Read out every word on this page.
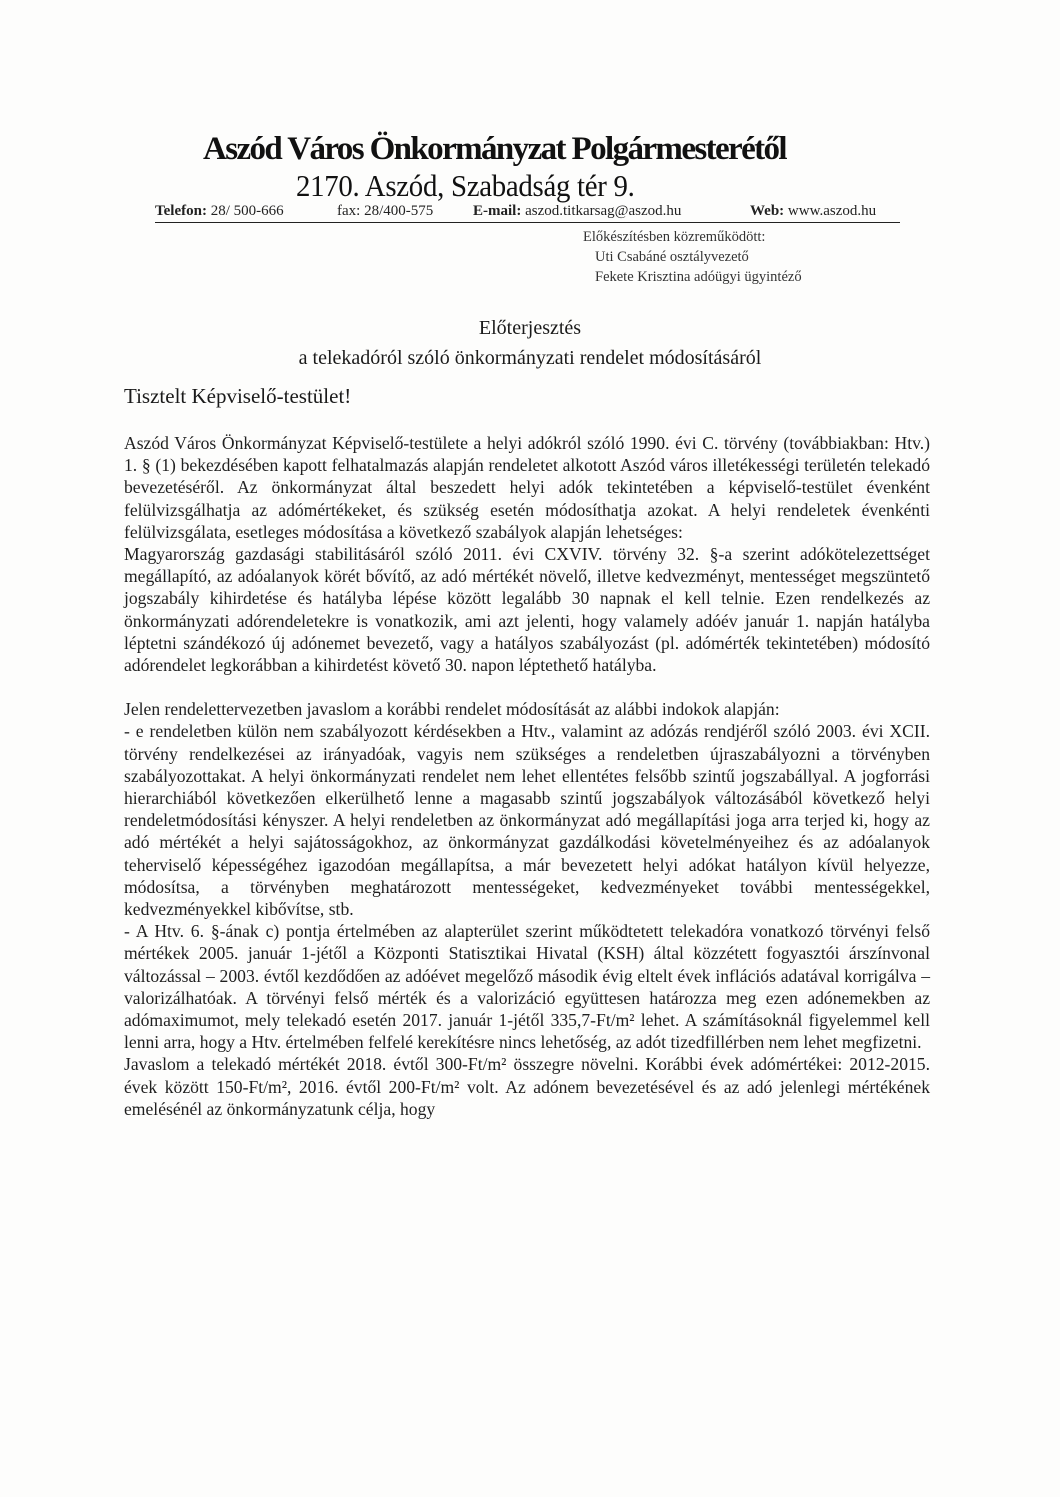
Aszód Város Önkormányzat Polgármesterétől
2170. Aszód, Szabadság tér 9.
Telefon: 28/ 500-666	fax: 28/400-575	E-mail: aszod.titkarsag@aszod.hu	Web: www.aszod.hu
Előkészítésben közreműködött:
Uti Csabáné osztályvezető
Fekete Krisztina adóügyi ügyintéző
Előterjesztés
a telekadóról szóló önkormányzati rendelet módosításáról
Tisztelt Képviselő-testület!

Aszód Város Önkormányzat Képviselő-testülete a helyi adókról szóló 1990. évi C. törvény (továbbiakban: Htv.) 1. § (1) bekezdésében kapott felhatalmazás alapján rendeletet alkotott Aszód város illetékességi területén telekadó bevezetéséről. Az önkormányzat által beszedett helyi adók tekintetében a képviselő-testület évenként felülvizsgálhatja az adómértékeket, és szükség esetén módosíthatja azokat. A helyi rendeletek évenkénti felülvizsgálata, esetleges módosítása a következő szabályok alapján lehetséges:

Magyarország gazdasági stabilitásáról szóló 2011. évi CXVIV. törvény 32. §-a szerint adókötelezettséget megállapító, az adóalanyok körét bővítő, az adó mértékét növelő, illetve kedvezményt, mentességet megszüntető jogszabály kihirdetése és hatályba lépése között legalább 30 napnak el kell telnie. Ezen rendelkezés az önkormányzati adórendeletekre is vonatkozik, ami azt jelenti, hogy valamely adóév január 1. napján hatályba léptetni szándékozó új adónemet bevezető, vagy a hatályos szabályozást (pl. adómérték tekintetében) módosító adórendelet legkorábban a kihirdetést követő 30. napon léptethető hatályba.

Jelen rendelettervezetben javaslom a korábbi rendelet módosítását az alábbi indokok alapján:

- e rendeletben külön nem szabályozott kérdésekben a Htv., valamint az adózás rendjéről szóló 2003. évi XCII. törvény rendelkezései az irányadóak, vagyis nem szükséges a rendeletben újraszabályozni a törvényben szabályozottakat. A helyi önkormányzati rendelet nem lehet ellentétes felsőbb szintű jogszabállyal. A jogforrási hierarchiából következően elkerülhető lenne a magasabb szintű jogszabályok változásából következő helyi rendeletmódosítási kényszer. A helyi rendeletben az önkormányzat adó megállapítási joga arra terjed ki, hogy az adó mértékét a helyi sajátosságokhoz, az önkormányzat gazdálkodási követelményeihez és az adóalanyok teherviselő képességéhez igazodóan megállapítsa, a már bevezetett helyi adókat hatályon kívül helyezze, módosítsa, a törvényben meghatározott mentességeket, kedvezményeket további mentességekkel, kedvezményekkel kibővítse, stb.

- A Htv. 6. §-ának c) pontja értelmében az alapterület szerint működtetett telekadóra vonatkozó törvényi felső mértékek 2005. január 1-jétől a Központi Statisztikai Hivatal (KSH) által közzétett fogyasztói árszínvonal változással – 2003. évtől kezdődően az adóévet megelőző második évig eltelt évek inflációs adatával korrigálva – valorizálhatóak. A törvényi felső mérték és a valorizáció együttesen határozza meg ezen adónemekben az adómaximumot, mely telekadó esetén 2017. január 1-jétől 335,7-Ft/m² lehet. A számításoknál figyelemmel kell lenni arra, hogy a Htv. értelmében felfelé kerekítésre nincs lehetőség, az adót tizedfillérben nem lehet megfizetni.

Javaslom a telekadó mértékét 2018. évtől 300-Ft/m² összegre növelni. Korábbi évek adómértékei: 2012-2015. évek között 150-Ft/m², 2016. évtől 200-Ft/m² volt. Az adónem bevezetésével és az adó jelenlegi mértékének emelésénél az önkormányzatunk célja, hogy
